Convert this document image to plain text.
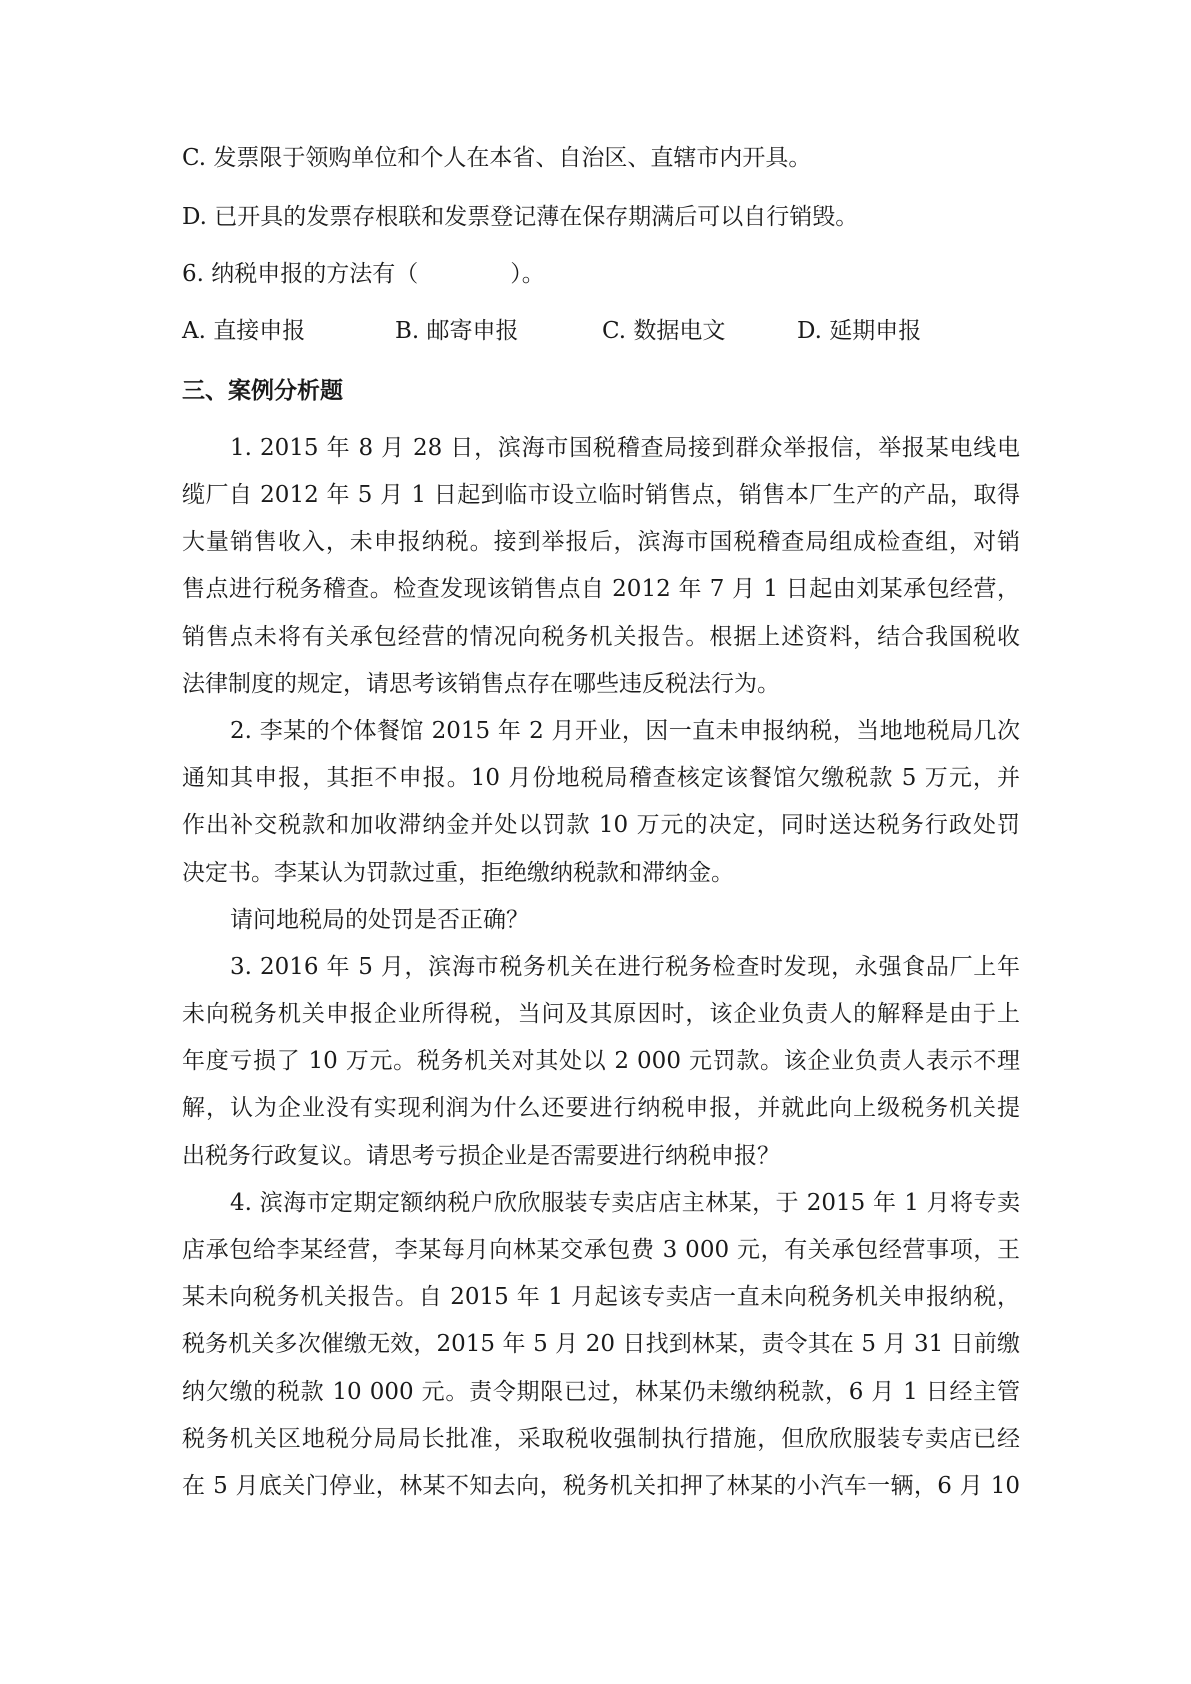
C. 发票限于领购单位和个人在本省、自治区、直辖市内开具。
D. 已开具的发票存根联和发票登记薄在保存期满后可以自行销毁。
6. 纳税申报的方法有（　　　　）。
A. 直接申报	B. 邮寄申报	C. 数据电文	D. 延期申报
三、案例分析题
1. 2015 年 8 月 28 日，滨海市国税稽查局接到群众举报信，举报某电线电
缆厂自 2012 年 5 月 1 日起到临市设立临时销售点，销售本厂生产的产品，取得
大量销售收入，未申报纳税。接到举报后，滨海市国税稽查局组成检查组，对销
售点进行税务稽查。检查发现该销售点自 2012 年 7 月 1 日起由刘某承包经营，
销售点未将有关承包经营的情况向税务机关报告。根据上述资料，结合我国税收
法律制度的规定，请思考该销售点存在哪些违反税法行为。
2. 李某的个体餐馆 2015 年 2 月开业，因一直未申报纳税，当地地税局几次
通知其申报，其拒不申报。10 月份地税局稽查核定该餐馆欠缴税款 5 万元，并
作出补交税款和加收滞纳金并处以罚款 10 万元的决定，同时送达税务行政处罚
决定书。李某认为罚款过重，拒绝缴纳税款和滞纳金。
请问地税局的处罚是否正确？
3. 2016 年 5 月，滨海市税务机关在进行税务检查时发现，永强食品厂上年
未向税务机关申报企业所得税，当问及其原因时，该企业负责人的解释是由于上
年度亏损了 10 万元。税务机关对其处以 2 000 元罚款。该企业负责人表示不理
解，认为企业没有实现利润为什么还要进行纳税申报，并就此向上级税务机关提
出税务行政复议。请思考亏损企业是否需要进行纳税申报？
4. 滨海市定期定额纳税户欣欣服装专卖店店主林某，于 2015 年 1 月将专卖
店承包给李某经营，李某每月向林某交承包费 3 000 元，有关承包经营事项，王
某未向税务机关报告。自 2015 年 1 月起该专卖店一直未向税务机关申报纳税，
税务机关多次催缴无效，2015 年 5 月 20 日找到林某，责令其在 5 月 31 日前缴
纳欠缴的税款 10 000 元。责令期限已过，林某仍未缴纳税款，6 月 1 日经主管
税务机关区地税分局局长批准，采取税收强制执行措施，但欣欣服装专卖店已经
在 5 月底关门停业，林某不知去向，税务机关扣押了林某的小汽车一辆，6 月 10
